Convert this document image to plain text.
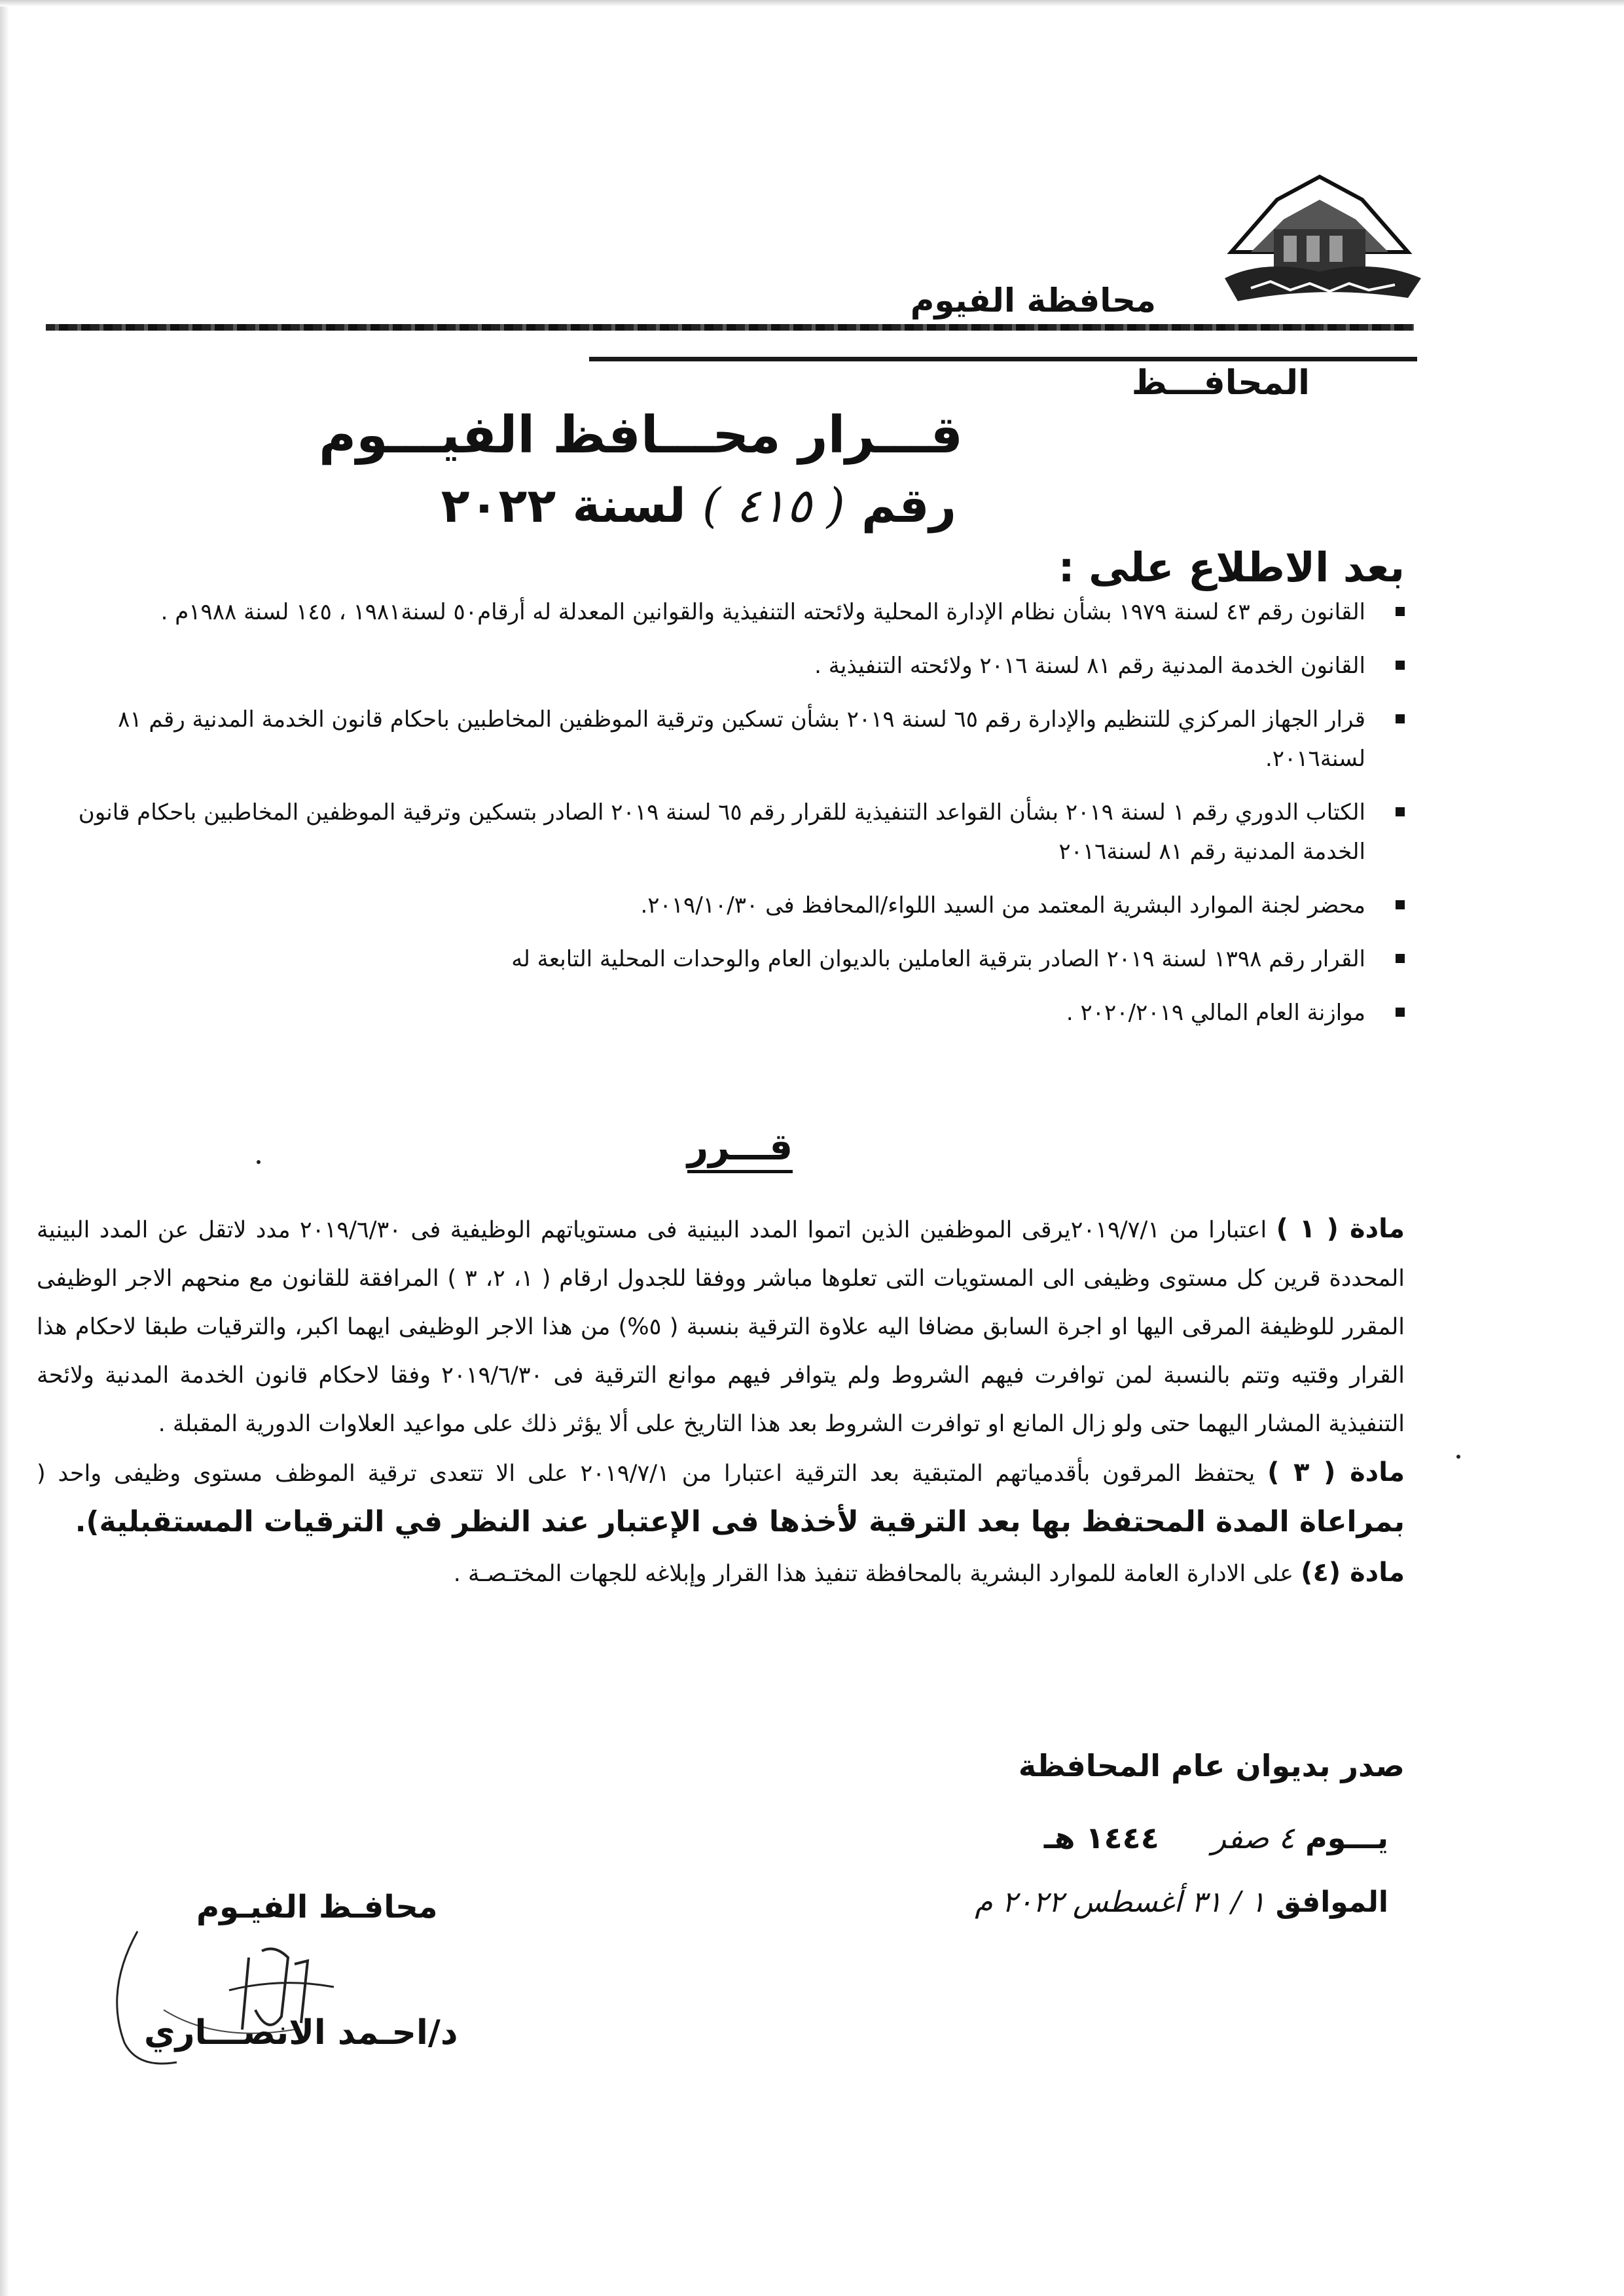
محافظة الفيوم
المحافـــظ
قـــرار محـــافظ الفيـــوم
رقم ( ٤١٥ ) لسنة ٢٠٢٢
بعد الاطلاع على :
القانون رقم ٤٣ لسنة ١٩٧٩ بشأن نظام الإدارة المحلية ولائحته التنفيذية والقوانين المعدلة له أرقام٥٠ لسنة١٩٨١ ، ١٤٥ لسنة ١٩٨٨م .
القانون الخدمة المدنية رقم ٨١ لسنة ٢٠١٦ ولائحته التنفيذية .
قرار الجهاز المركزي للتنظيم والإدارة رقم ٦٥ لسنة ٢٠١٩ بشأن تسكين وترقية الموظفين المخاطبين باحكام قانون الخدمة المدنية رقم ٨١ لسنة٢٠١٦.
الكتاب الدوري رقم ١ لسنة ٢٠١٩ بشأن القواعد التنفيذية للقرار رقم ٦٥ لسنة ٢٠١٩ الصادر بتسكين وترقية الموظفين المخاطبين باحكام قانون الخدمة المدنية رقم ٨١ لسنة٢٠١٦
محضر لجنة الموارد البشرية المعتمد من السيد اللواء/المحافظ فى ٢٠١٩/١٠/٣٠.
القرار رقم ١٣٩٨ لسنة ٢٠١٩ الصادر بترقية العاملين بالديوان العام والوحدات المحلية التابعة له
موازنة العام المالي ٢٠٢٠/٢٠١٩ .
قـــرر

مادة ( ١ ) اعتبارا من ٢٠١٩/٧/١يرقى الموظفين الذين اتموا المدد البينية فى مستوياتهم الوظيفية فى ٢٠١٩/٦/٣٠ مدد لاتقل عن المدد البينية المحددة قرين كل مستوى وظيفى الى المستويات التى تعلوها مباشر ووفقا للجدول ارقام ( ١، ٢، ٣ ) المرافقة للقانون مع منحهم الاجر الوظيفى المقرر للوظيفة المرقى اليها او اجرة السابق مضافا اليه علاوة الترقية بنسبة ( ٥%) من هذا الاجر الوظيفى ايهما اكبر، والترقيات طبقا لاحكام هذا القرار وقتيه وتتم بالنسبة لمن توافرت فيهم الشروط ولم يتوافر فيهم موانع الترقية فى ٢٠١٩/٦/٣٠ وفقا لاحكام قانون الخدمة المدنية ولائحة التنفيذية المشار اليهما حتى ولو زال المانع او توافرت الشروط بعد هذا التاريخ على ألا يؤثر ذلك على مواعيد العلاوات الدورية المقبلة .

مادة ( ٣ ) يحتفظ المرقون بأقدمياتهم المتبقية بعد الترقية اعتبارا من ٢٠١٩/٧/١ على الا تتعدى ترقية الموظف مستوى وظيفى واحد ( بمراعاة المدة المحتفظ بها بعد الترقية لأخذها فى الإعتبار عند النظر في الترقيات المستقبلية).

مادة (٤) على الادارة العامة للموارد البشرية بالمحافظة تنفيذ هذا القرار وإبلاغه للجهات المختـصـة .

صدر بديوان عام المحافظة
يـــوم ٤ صفر     ١٤٤٤ هـ
الموافق ١ / ٣١ أغسطس ٢٠٢٢ م
محافـظ الفيـوم
د/احـمد الانصـــاري
